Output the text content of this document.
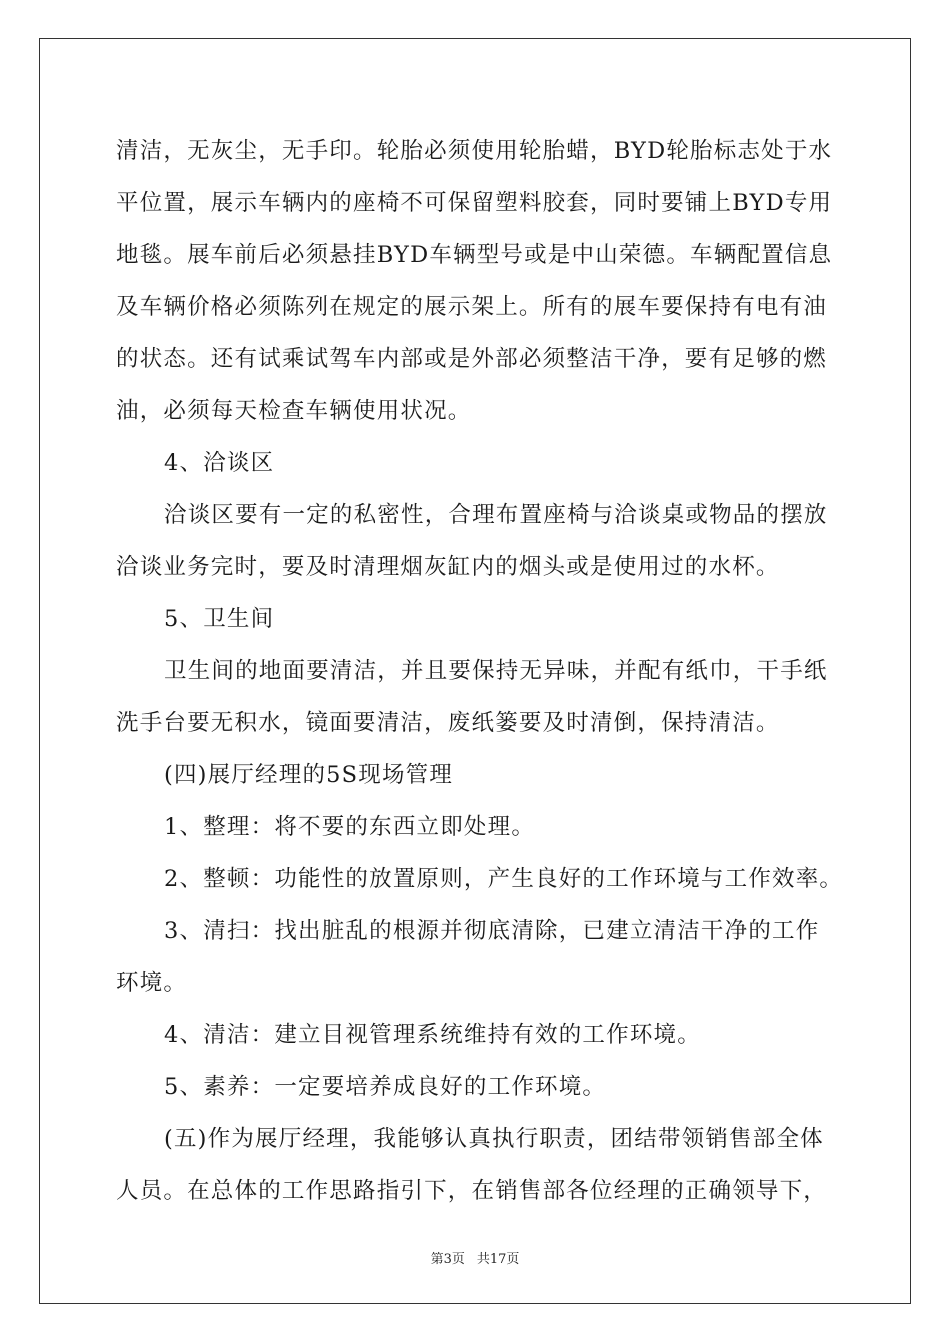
清洁，无灰尘，无手印。轮胎必须使用轮胎蜡，BYD轮胎标志处于水

平位置，展示车辆内的座椅不可保留塑料胶套，同时要铺上BYD专用

地毯。展车前后必须悬挂BYD车辆型号或是中山荣德。车辆配置信息

及车辆价格必须陈列在规定的展示架上。所有的展车要保持有电有油

的状态。还有试乘试驾车内部或是外部必须整洁干净，要有足够的燃

油，必须每天检查车辆使用状况。

4、洽谈区

洽谈区要有一定的私密性，合理布置座椅与洽谈桌或物品的摆放

洽谈业务完时，要及时清理烟灰缸内的烟头或是使用过的水杯。

5、卫生间

卫生间的地面要清洁，并且要保持无异味，并配有纸巾，干手纸

洗手台要无积水，镜面要清洁，废纸篓要及时清倒，保持清洁。

(四)展厅经理的5S现场管理

1、整理：将不要的东西立即处理。

2、整顿：功能性的放置原则，产生良好的工作环境与工作效率。

3、清扫：找出脏乱的根源并彻底清除，已建立清洁干净的工作

环境。

4、清洁：建立目视管理系统维持有效的工作环境。

5、素养：一定要培养成良好的工作环境。

(五)作为展厅经理，我能够认真执行职责，团结带领销售部全体

人员。在总体的工作思路指引下，在销售部各位经理的正确领导下，

第3页 共17页
